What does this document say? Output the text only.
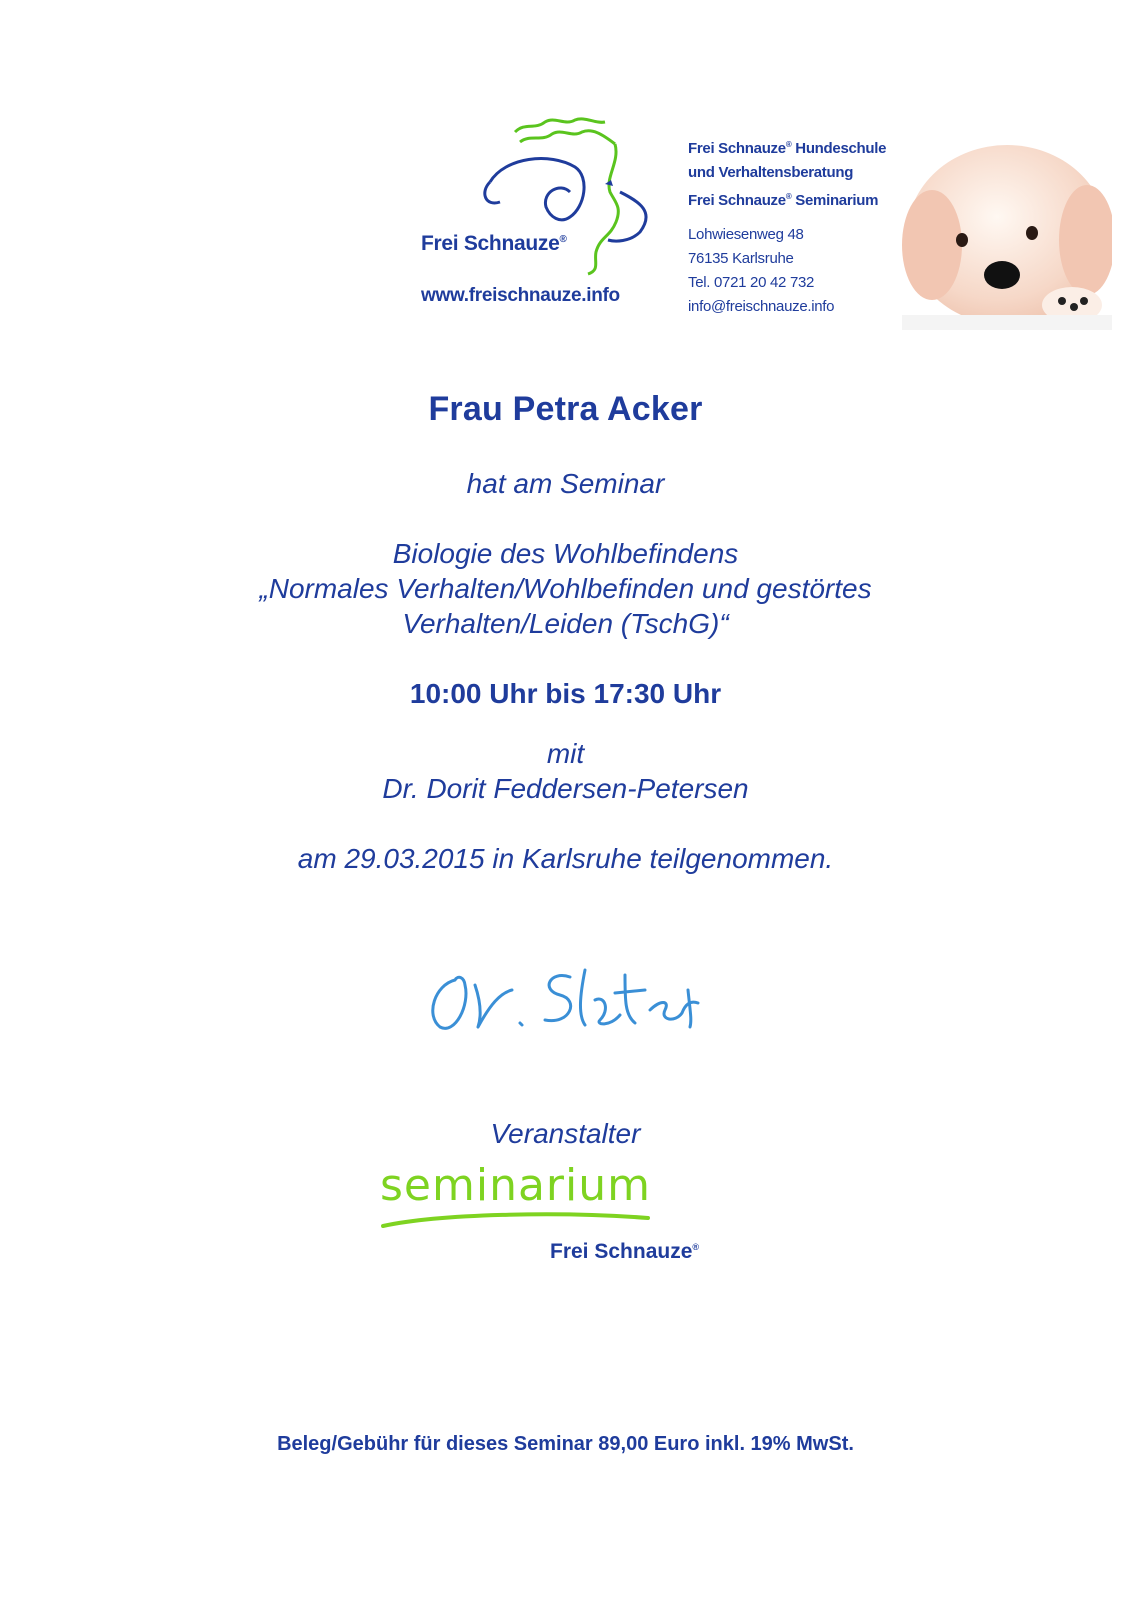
Frei Schnauze®
www.freischnauze.info
Frei Schnauze® Hundeschule
und Verhaltensberatung
Frei Schnauze® Seminarium
Lohwiesenweg 48
76135 Karlsruhe
Tel. 0721 20 42 732
info@freischnauze.info
Frau Petra Acker
hat am Seminar
Biologie des Wohlbefindens
„Normales Verhalten/Wohlbefinden und gestörtes
Verhalten/Leiden (TschG)“
10:00 Uhr bis 17:30 Uhr
mit
Dr. Dorit Feddersen-Petersen
am 29.03.2015 in Karlsruhe teilgenommen.
Veranstalter
seminarium
Frei Schnauze®
Beleg/Gebühr für dieses Seminar 89,00 Euro inkl. 19% MwSt.
